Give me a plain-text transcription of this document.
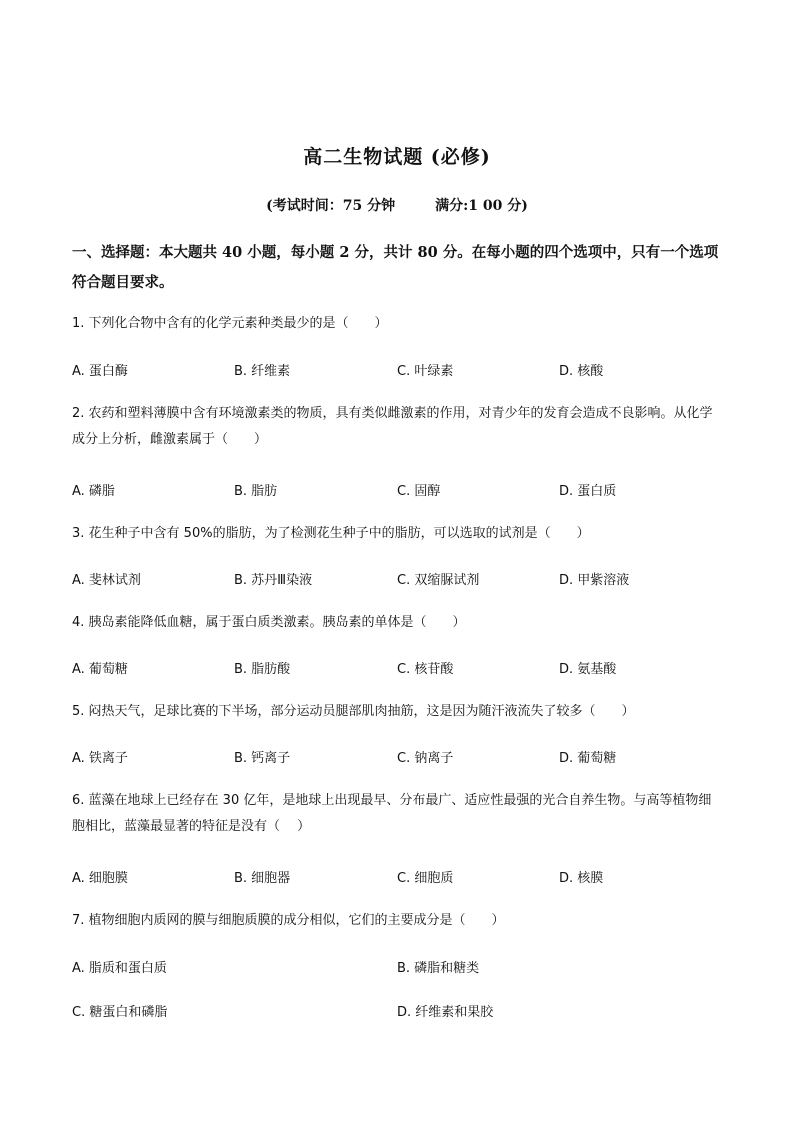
高二生物试题 (必修)
(考试时间：75 分钟	满分:1 00 分)
一、选择题：本大题共 40 小题，每小题 2 分，共计 80 分。在每小题的四个选项中，只有一个选项符合题目要求。
1. 下列化合物中含有的化学元素种类最少的是（　　）
A. 蛋白酶	B. 纤维素	C. 叶绿素	D. 核酸
2. 农药和塑料薄膜中含有环境激素类的物质，具有类似雌激素的作用，对青少年的发育会造成不良影响。从化学成分上分析，雌激素属于（　　）
A. 磷脂	B. 脂肪	C. 固醇	D. 蛋白质
3. 花生种子中含有 50%的脂肪，为了检测花生种子中的脂肪，可以选取的试剂是（　　）
A. 斐林试剂	B. 苏丹Ⅲ染液	C. 双缩脲试剂	D. 甲紫溶液
4. 胰岛素能降低血糖，属于蛋白质类激素。胰岛素的单体是（　　）
A. 葡萄糖	B. 脂肪酸	C. 核苷酸	D. 氨基酸
5. 闷热天气，足球比赛的下半场，部分运动员腿部肌肉抽筋，这是因为随汗液流失了较多（　　）
A. 铁离子	B. 钙离子	C. 钠离子	D. 葡萄糖
6. 蓝藻在地球上已经存在 30 亿年，是地球上出现最早、分布最广、适应性最强的光合自养生物。与高等植物细胞相比，蓝藻最显著的特征是没有（　 ）
A. 细胞膜	B. 细胞器	C. 细胞质	D. 核膜
7. 植物细胞内质网的膜与细胞质膜的成分相似，它们的主要成分是（　　）
A. 脂质和蛋白质	B. 磷脂和糖类
C. 糖蛋白和磷脂	D. 纤维素和果胶
